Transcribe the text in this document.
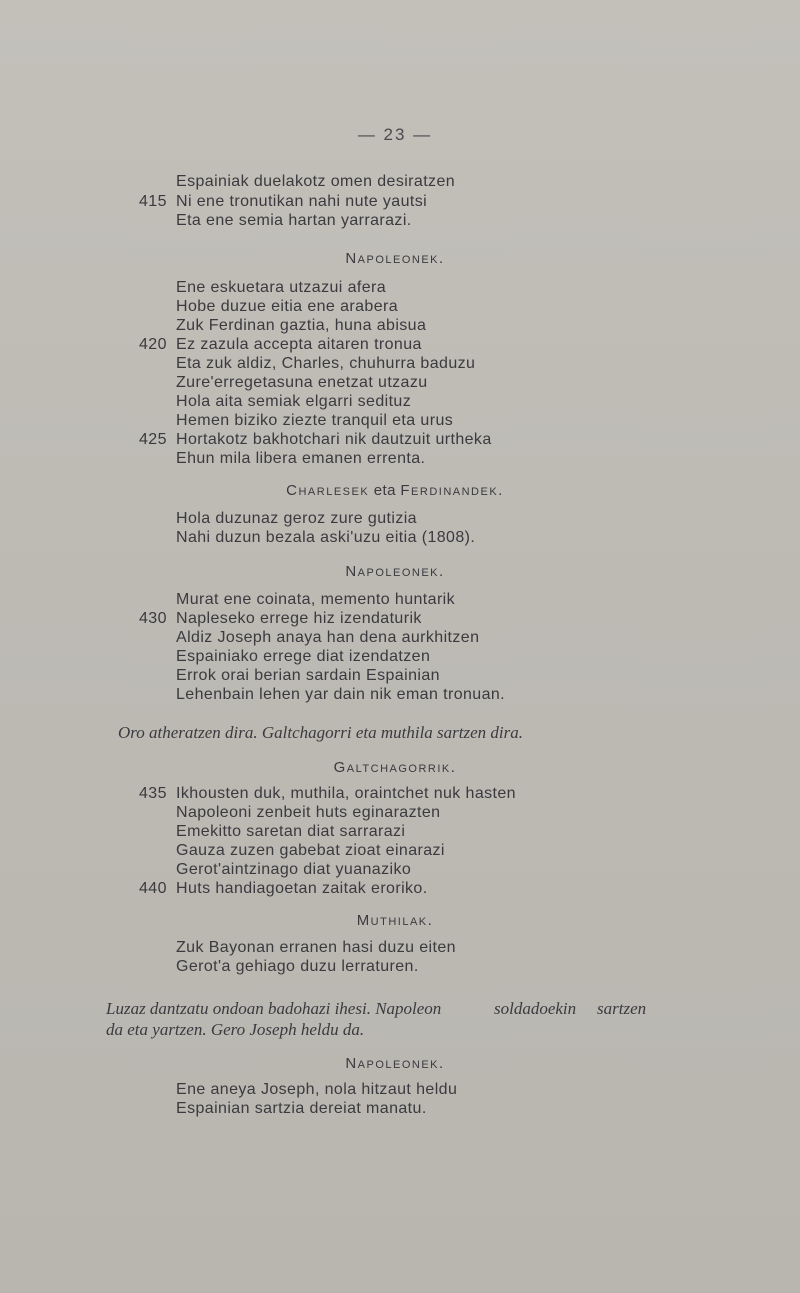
— 23 —
Espainiak duelakotz omen desiratzen
415 Ni ene tronutikan nahi nute yautsi
Eta ene semia hartan yarrarazi.
Napoleonek.
Ene eskuetara utzazui afera
Hobe duzue eitia ene arabera
Zuk Ferdinan gaztia, huna abisua
420 Ez zazula accepta aitaren tronua
Eta zuk aldiz, Charles, chuhurra baduzu
Zure'erregetasuna enetzat utzazu
Hola aita semiak elgarri sedituz
Hemen biziko ziezte tranquil eta urus
425 Hortakotz bakhotchari nik dautzuit urtheka
Ehun mila libera emanen errenta.
Charlesek eta Ferdinandek.
Hola duzunaz geroz zure gutizia
Nahi duzun bezala aski'uzu eitia (1808).
Napoleonek.
Murat ene coinata, memento huntarik
430 Napleseko errege hiz izendaturik
Aldiz Joseph anaya han dena aurkhitzen
Espainiako errege diat izendatzen
Errok orai berian sardain Espainian
Lehenbain lehen yar dain nik eman tronuan.
Oro atheratzen dira. Galtchagorri eta muthila sartzen dira.
Galtchagorrik.
435 Ikhousten duk, muthila, oraintchet nuk hasten
Napoleoni zenbeit huts eginarazten
Emekitto saretan diat sarrarazi
Gauza zuzen gabebat zioat einarazi
Gerot'aintzinago diat yuanaziko
440 Huts handiagoetan zaitak eroriko.
Muthilak.
Zuk Bayonan erranen hasi duzu eiten
Gerot'a gehiago duzu lerraturen.
Luzaz dantzatu ondoan badohazi ihesi. Napoleon	soldadoekin sartzen
da eta yartzen. Gero Joseph heldu da.
Napoleonek.
Ene aneya Joseph, nola hitzaut heldu
Espainian sartzia dereiat manatu.
